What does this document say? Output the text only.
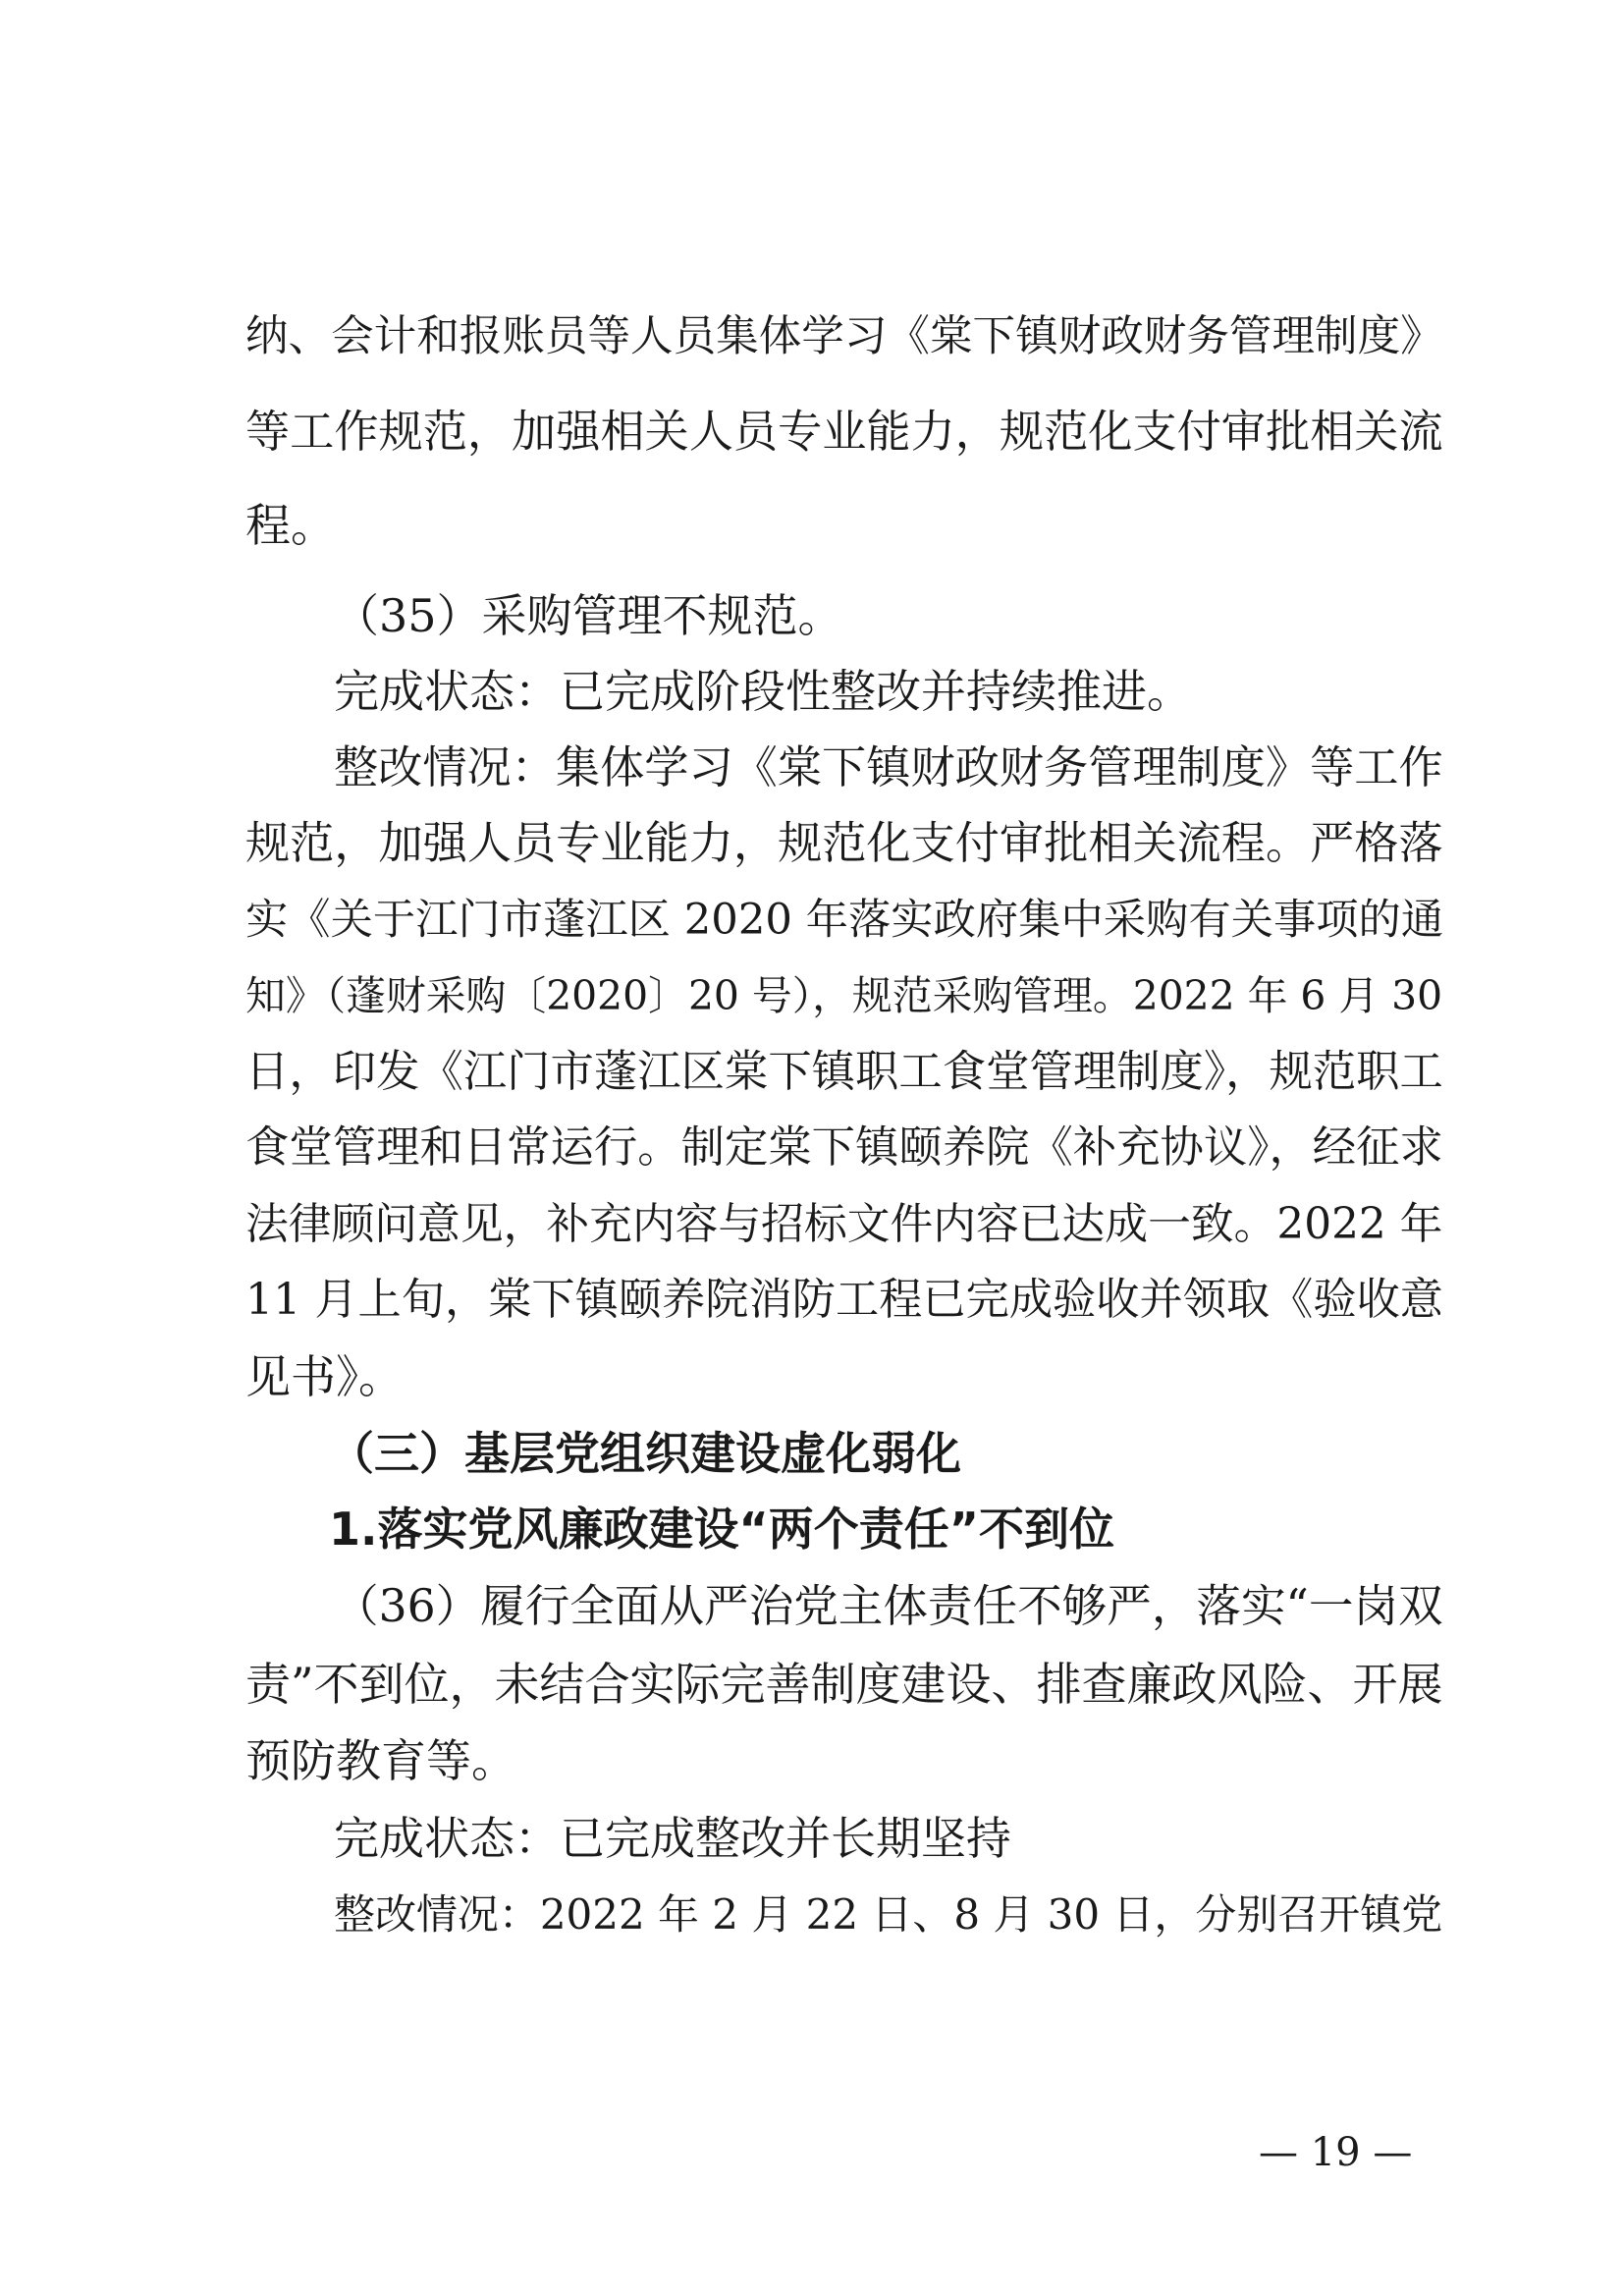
纳、会计和报账员等人员集体学习《棠下镇财政财务管理制度》
等工作规范，加强相关人员专业能力，规范化支付审批相关流
程。
（35）采购管理不规范。
完成状态：已完成阶段性整改并持续推进。
整改情况：集体学习《棠下镇财政财务管理制度》等工作
规范，加强人员专业能力，规范化支付审批相关流程。严格落
实《关于江门市蓬江区 2020 年落实政府集中采购有关事项的通
知》（蓬财采购〔2020〕20 号），规范采购管理。2022 年 6 月 30
日，印发《江门市蓬江区棠下镇职工食堂管理制度》，规范职工
食堂管理和日常运行。制定棠下镇颐养院《补充协议》，经征求
法律顾问意见，补充内容与招标文件内容已达成一致。2022 年
11 月上旬，棠下镇颐养院消防工程已完成验收并领取《验收意
见书》。
（三）基层党组织建设虚化弱化
1.落实党风廉政建设“两个责任”不到位
（36）履行全面从严治党主体责任不够严，落实“一岗双
责”不到位，未结合实际完善制度建设、排查廉政风险、开展
预防教育等。
完成状态：已完成整改并长期坚持
整改情况：2022 年 2 月 22 日、8 月 30 日，分别召开镇党
— 19 —
